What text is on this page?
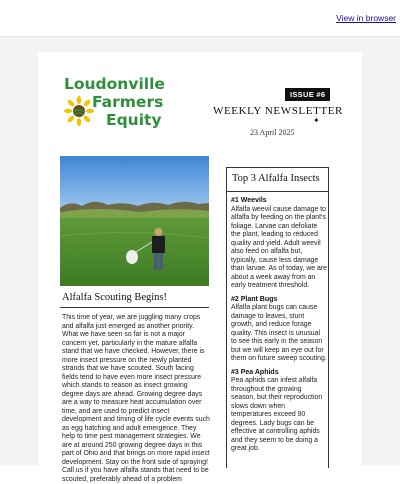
View in browser
Loudonville
Farmers
Equity
ISSUE #6
WEEKLY NEWSLETTER
✦
23 April 2025
Alfalfa Scouting Begins!

This time of year, we are juggling many crops and alfalfa just emerged as another priority. What we have seen so far is not a major concern yet, particularly in the mature alfalfa stand that we have checked. However, there is more insect pressure on the newly planted strands that we have scouted. South facing fields tend to have even more insect pressure which stands to reason as insect growing degree days are ahead. Growing degree days are a way to measure heat accumulation over time, and are used to predict insect development and timing of life cycle events such as egg hatching and adult emergence. They help to time pest management strategies. We are at around 250 growing degree days in this part of Ohio and that brings on more rapid insect development. Stay on the front side of spraying!

Call us if you have alfalfa stands that need to be scouted, preferably ahead of a problem

Top 3 Alfalfa Insects
#1 Weevils

Alfalfa weevil cause damage to alfalfa by feeding on the plant's foliage. Larvae can defoliate the plant, leading to reduced quality and yield. Adult weevil also feed on alfalfa but, typically, cause less damage than larvae. As of today, we are about a week away from an early treatment threshold.

#2 Plant Bugs

Alfalfa plant bugs can cause damage to leaves, stunt growth, and reduce forage quality. This insect is unusual to see this early in the season but we will keep an eye out for them on future sweep scouting.

#3 Pea Aphids

Pea aphids can infest alfalfa throughout the growing season, but their reproduction slows down when temperatures exceed 90 degrees. Lady bugs can be effective at controlling aphids and they seem to be doing a great job.
